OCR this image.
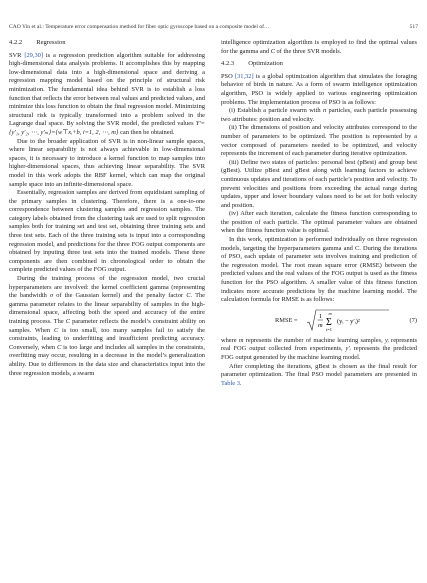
CAO Yin et al.: Temperature error compensation method for fiber optic gyroscope based on a composite model of…	517
4.2.2 Regression

SVR [29,30] is a regression prediction algorithm suitable for addressing high-dimensional data analysis problems. It accomplishes this by mapping low-dimensional data into a high-dimensional space and deriving a regression mapping model based on the principle of structural risk minimization. The fundamental idea behind SVR is to establish a loss function that reflects the error between real values and predicted values, and minimize this loss function to obtain the final regression model. Minimizing structural risk is typically transformed into a problem solved in the Lagrange dual space. By solving the SVR model, the predicted values Y′={y′₁, y′₂, ⋯, y′ₘ}={w⊤xᵢ+b, i=1, 2, ⋯, m} can then be obtained.

Due to the broader application of SVR is in non-linear sample spaces, where linear separability is not always achievable in low-dimensional spaces, it is necessary to introduce a kernel function to map samples into higher-dimensional spaces, thus achieving linear separability. The SVR model in this work adopts the RBF kernel, which can map the original sample space into an infinite-dimensional space.

Essentially, regression samples are derived from equidistant sampling of the primary samples in clustering. Therefore, there is a one-to-one correspondence between clustering samples and regression samples. The category labels obtained from the clustering task are used to split regression samples both for training set and test set, obtaining three training sets and three test sets. Each of the three training sets is input into a corresponding regression model, and predictions for the three FOG output components are obtained by inputing three test sets into the trained models. These three components are then combined in chronological order to obtain the complete predicted values of the FOG output.

During the training process of the regression model, two crucial hyperparameters are involved: the kernel coefficient gamma (representing the bandwidth σ of the Gaussian kernel) and the penalty factor C. The gamma parameter relates to the linear separability of samples in the high-dimensional space, affecting both the speed and accuracy of the entire training process. The C parameter reflects the model’s constraint ability on samples. When C is too small, too many samples fail to satisfy the constraints, leading to underfitting and insufficient predicting accuracy. Conversely, when C is too large and includes all samples in the constraints, overfitting may occur, resulting in a decrease in the model’s generalization ability. Due to differences in the data size and characteristics input into the three regression models, a swarm

intelligence optimization algorithm is employed to find the optimal values for the gamma and C of the three SVR models.

4.2.3 Optimization

PSO [31,32] is a global optimization algorithm that simulates the foraging behavior of birds in nature. As a form of swarm intelligence optimization algorithm, PSO is widely applied to various engineering optimization problems. The implementation process of PSO is as follows:

(i) Establish a particle swarm with n particles, each particle possessing two attributes: position and velocity.

(ii) The dimensions of position and velocity attributes correspond to the number of parameters to be optimized. The position is represented by a vector composed of parameters needed to be optimized, and velocity represents the increment of each parameter during iterative optimization.

(iii) Define two states of particles: personal best (pBest) and group best (gBest). Utilize pBest and gBest along with learning factors to achieve continuous updates and iterations of each particle’s position and velocity. To prevent velocities and positions from exceeding the actual range during updates, upper and lower boundary values need to be set for both velocity and position.

(iv) After each iteration, calculate the fitness function corresponding to the position of each particle. The optimal parameter values are obtained when the fitness function value is optimal.

In this work, optimization is performed individually on three regression models, targeting the hyperparameters gamma and C. During the iterations of PSO, each update of parameter sets involves training and prediction of the regression model. The root mean square error (RMSE) between the predicted values and the real values of the FOG output is used as the fitness function for the PSO algorithm. A smaller value of this fitness function indicates more accurate predictions by the machine learning model. The calculation formula for RMSE is as follows:

RMSE =
1
m
m
Σ
i=1
(yᵢ − y′ᵢ)²	(7)

where m represents the number of machine learning samples, yᵢ represents real FOG output collected from experiments, y′ᵢ represents the predicted FOG output generated by the machine learning model.

After completing the iterations, gBest is chosen as the final result for parameter optimization. The final PSO model parameters are presented in Table 3.
